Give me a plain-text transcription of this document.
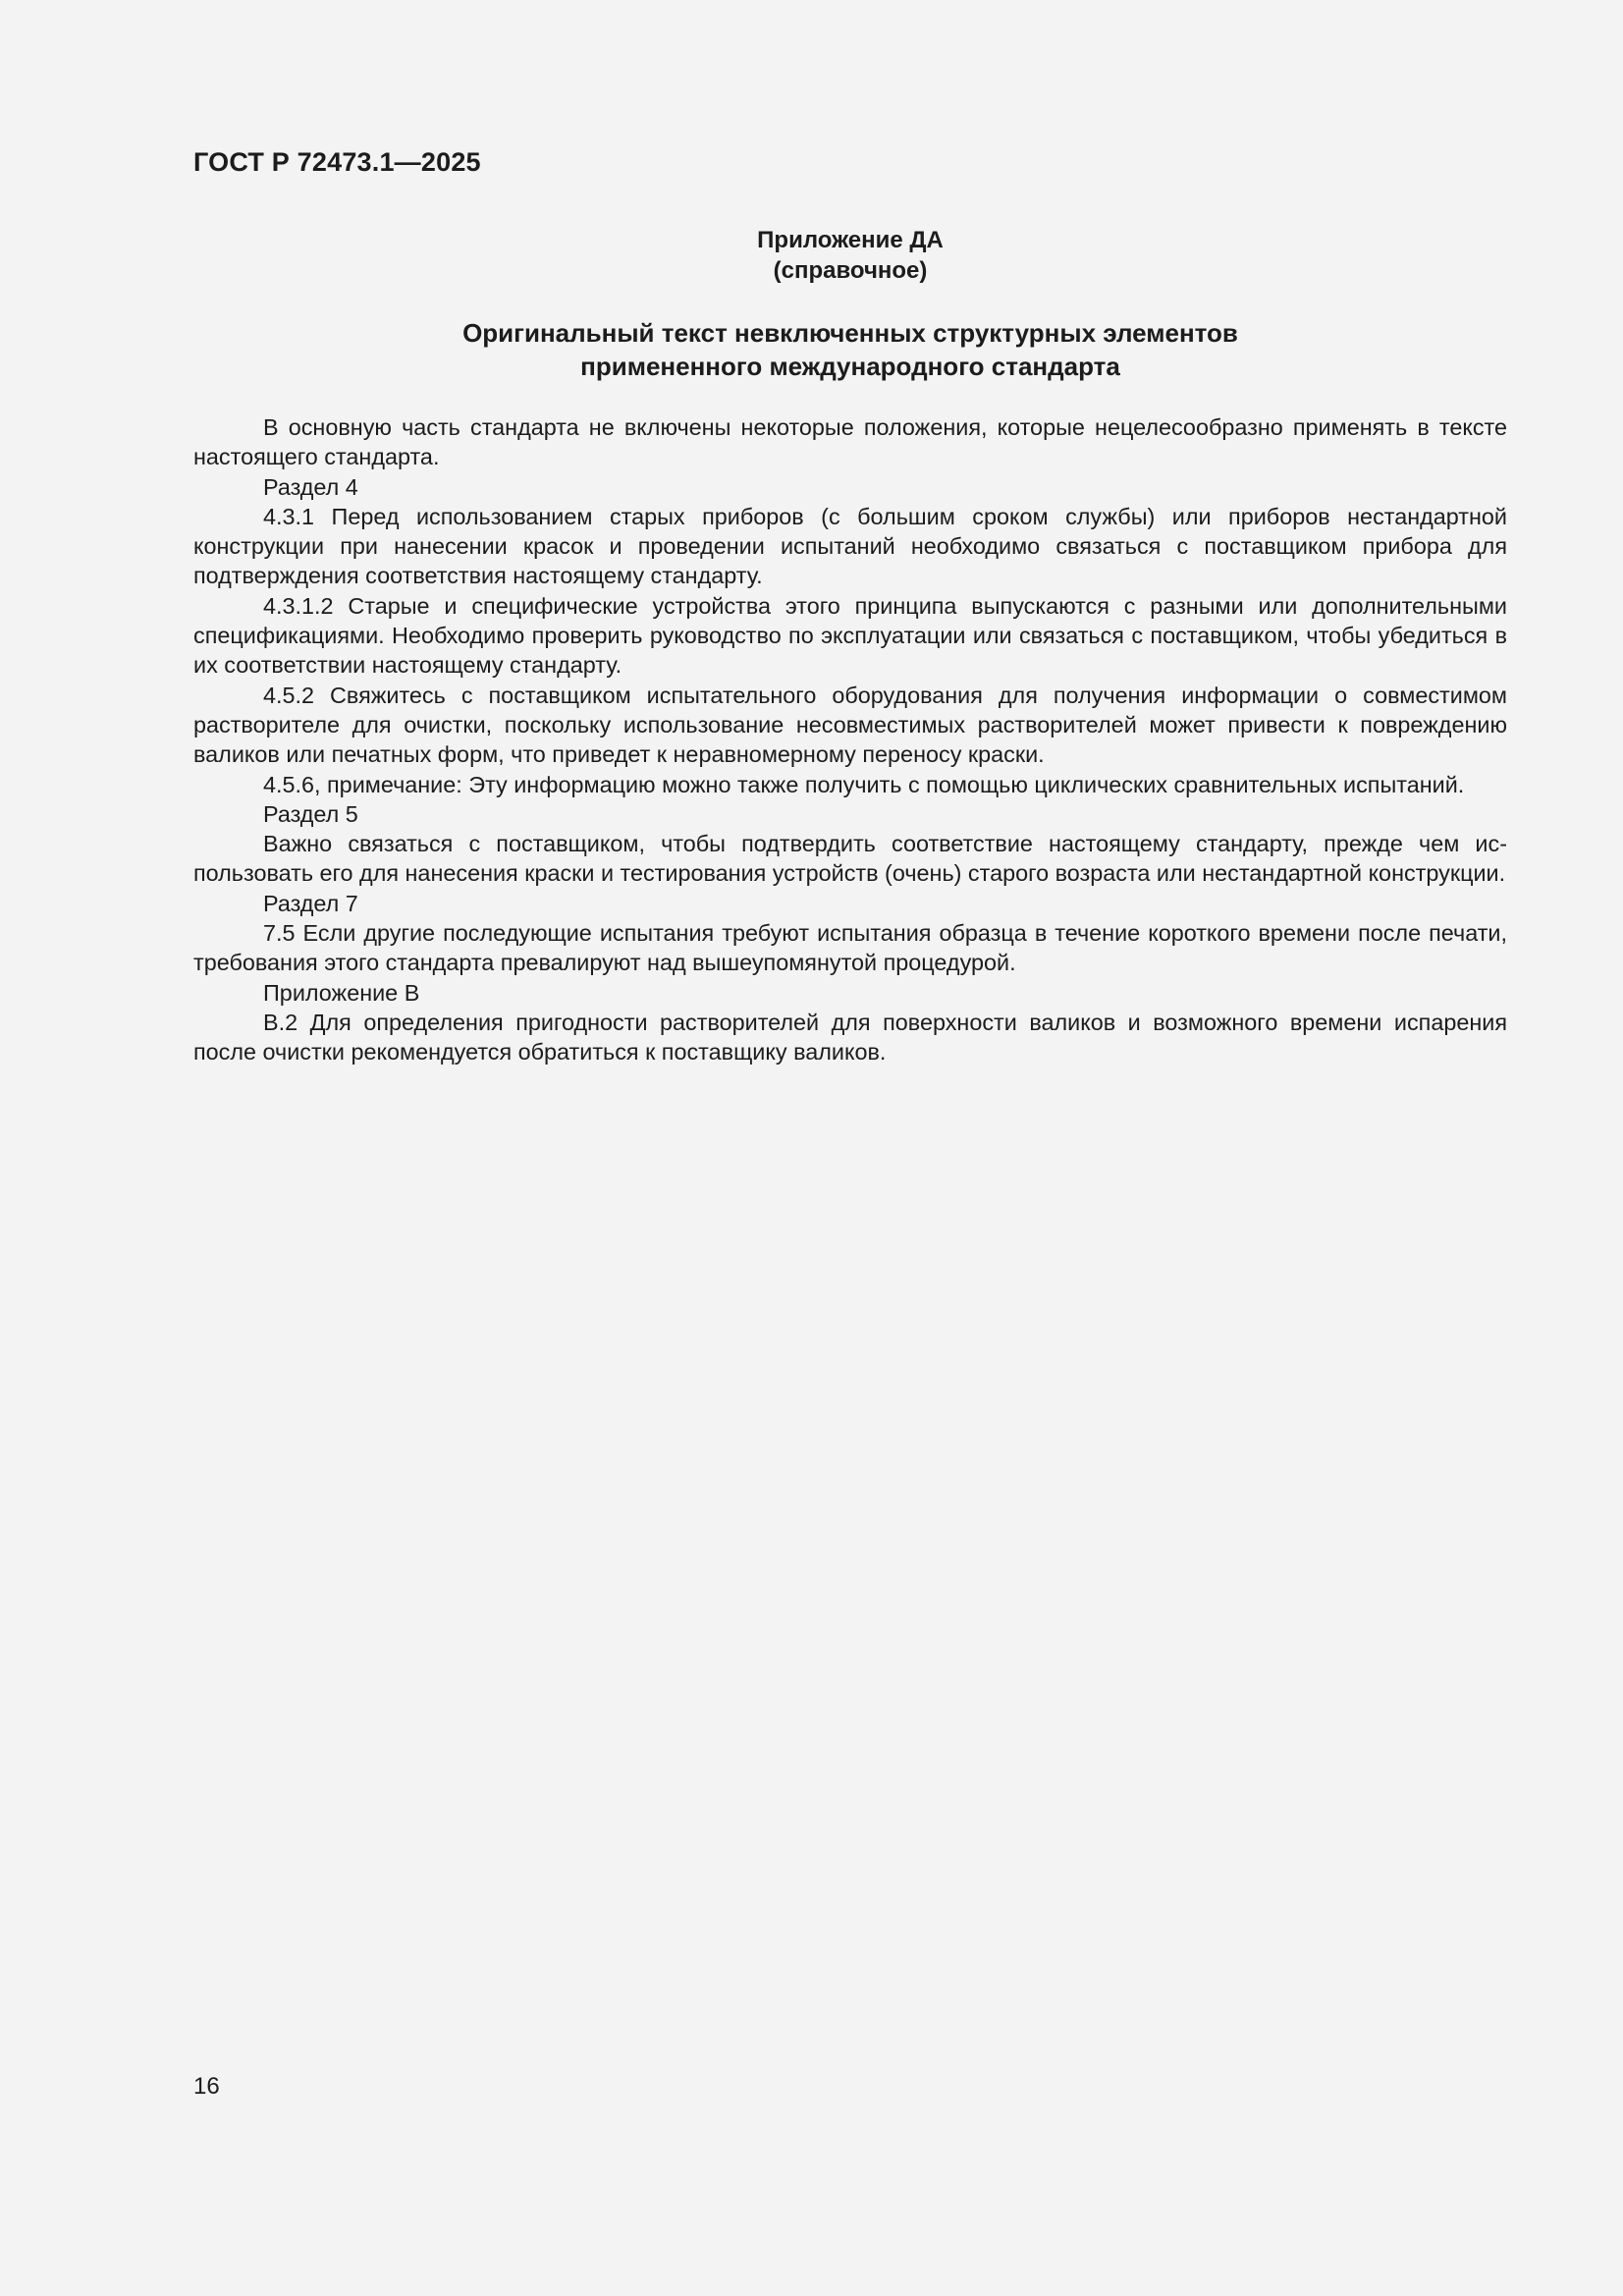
ГОСТ Р 72473.1—2025
Приложение ДА
(справочное)
Оригинальный текст невключенных структурных элементов
примененного международного стандарта

В основную часть стандарта не включены некоторые положения, которые нецелесообразно применять в тексте настоящего стандарта.

Раздел 4

4.3.1 Перед использованием старых приборов (с большим сроком службы) или приборов нестандартной конструкции при нанесении красок и проведении испытаний необходимо связаться с поставщиком прибора для подтверждения соответствия настоящему стандарту.

4.3.1.2 Старые и специфические устройства этого принципа выпускаются с разными или дополнительными спецификациями. Необходимо проверить руководство по эксплуатации или связаться с поставщиком, чтобы убедиться в их соответствии настоящему стандарту.

4.5.2 Свяжитесь с поставщиком испытательного оборудования для получения информации о совместимом растворителе для очистки, поскольку использование несовместимых растворителей может привести к повреждению валиков или печатных форм, что приведет к неравномерному переносу краски.

4.5.6, примечание: Эту информацию можно также получить с помощью циклических сравнительных испытаний.

Раздел 5

Важно связаться с поставщиком, чтобы подтвердить соответствие настоящему стандарту, прежде чем использовать его для нанесения краски и тестирования устройств (очень) старого возраста или нестандартной конструкции.

Раздел 7

7.5 Если другие последующие испытания требуют испытания образца в течение короткого времени после печати, требования этого стандарта превалируют над вышеупомянутой процедурой.

Приложение В

В.2 Для определения пригодности растворителей для поверхности валиков и возможного времени испарения после очистки рекомендуется обратиться к поставщику валиков.

16
